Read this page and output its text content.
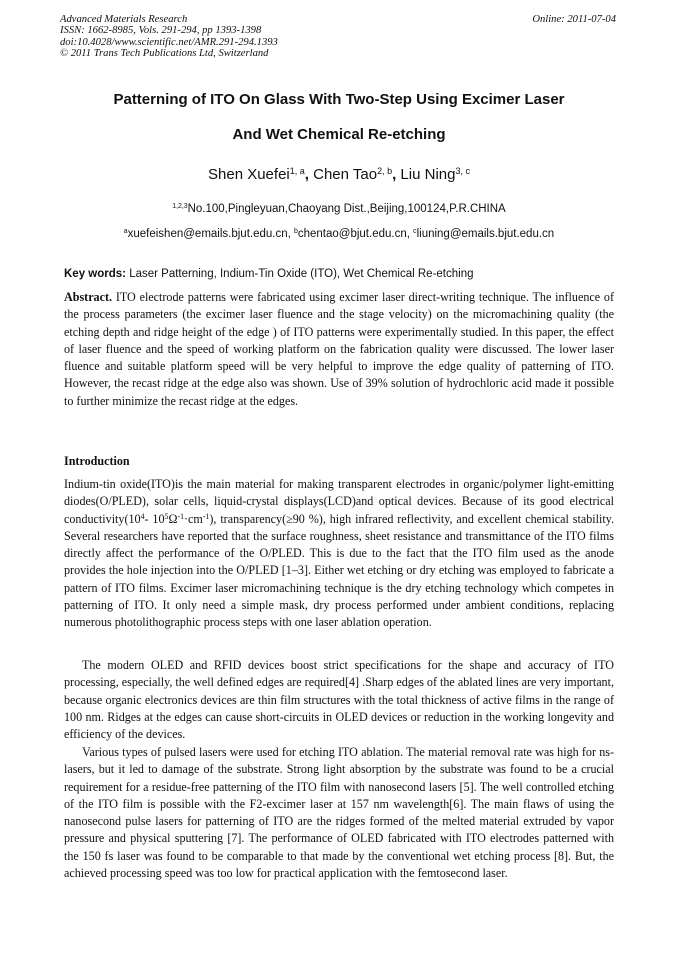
Advanced Materials Research
ISSN: 1662-8985, Vols. 291-294, pp 1393-1398
doi:10.4028/www.scientific.net/AMR.291-294.1393
© 2011 Trans Tech Publications Ltd, Switzerland
Online: 2011-07-04
Patterning of ITO On Glass With Two-Step Using Excimer Laser
And Wet Chemical Re-etching
Shen Xuefei$^{1, a}$, Chen Tao$^{2, b}$, Liu Ning$^{3, c}$
$^{1,2,3}$No.100,Pingleyuan,Chaoyang Dist.,Beijing,100124,P.R.CHINA
$^a$xuefeishen@emails.bjut.edu.cn, $^b$chentao@bjut.edu.cn, $^c$liuning@emails.bjut.edu.cn
Key words: Laser Patterning, Indium-Tin Oxide (ITO), Wet Chemical Re-etching

Abstract. ITO electrode patterns were fabricated using excimer laser direct-writing technique. The influence of the process parameters (the excimer laser fluence and the stage velocity) on the micromachining quality (the etching depth and ridge height of the edge ) of ITO patterns were experimentally studied. In this paper, the effect of laser fluence and the speed of working platform on the fabrication quality were discussed. The lower laser fluence and suitable platform speed will be very helpful to improve the edge quality of patterning of ITO. However, the recast ridge at the edge also was shown. Use of 39% solution of hydrochloric acid made it possible to further minimize the recast ridge at the edges.

Introduction

Indium-tin oxide(ITO)is the main material for making transparent electrodes in organic/polymer light-emitting diodes(O/PLED), solar cells, liquid-crystal displays(LCD)and optical devices. Because of its good electrical $conductivity(10^4-$ $10^5\Omega^{-1}\cdot cm^{-1}$), transparency(≥90 %), high infrared reflectivity, and excellent chemical stability. Several researchers have reported that the surface roughness, sheet resistance and transmittance of the ITO films directly affect the performance of the O/PLED. This is due to the fact that the ITO film used as the anode provides the hole injection into the O/PLED [1–3]. Either wet etching or dry etching was employed to fabricate a pattern of ITO films. Excimer laser micromachining technique is the dry etching technology which competes in patterning of ITO. It only need a simple mask, dry process performed under ambient conditions, replacing numerous photolithographic process steps with one laser ablation operation.

The modern OLED and RFID devices boost strict specifications for the shape and accuracy of ITO processing, especially, the well defined edges are required[4] .Sharp edges of the ablated lines are very important, because organic electronics devices are thin film structures with the total thickness of active films in the range of 100 nm. Ridges at the edges can cause short-circuits in OLED devices or reduction in the working longevity and efficiency of the devices.

Various types of pulsed lasers were used for etching ITO ablation. The material removal rate was high for ns-lasers, but it led to damage of the substrate. Strong light absorption by the substrate was found to be a crucial requirement for a residue-free patterning of the ITO film with nanosecond lasers [5]. The well controlled etching of the ITO film is possible with the F2-excimer laser at 157 nm wavelength[6]. The main flaws of using the nanosecond pulse lasers for patterning of ITO are the ridges formed of the melted material extruded by vapor pressure and physical sputtering [7]. The performance of OLED fabricated with ITO electrodes patterned with the 150 fs laser was found to be comparable to that made by the conventional wet etching process [8]. But, the achieved processing speed was too low for practical application with the femtosecond laser.
